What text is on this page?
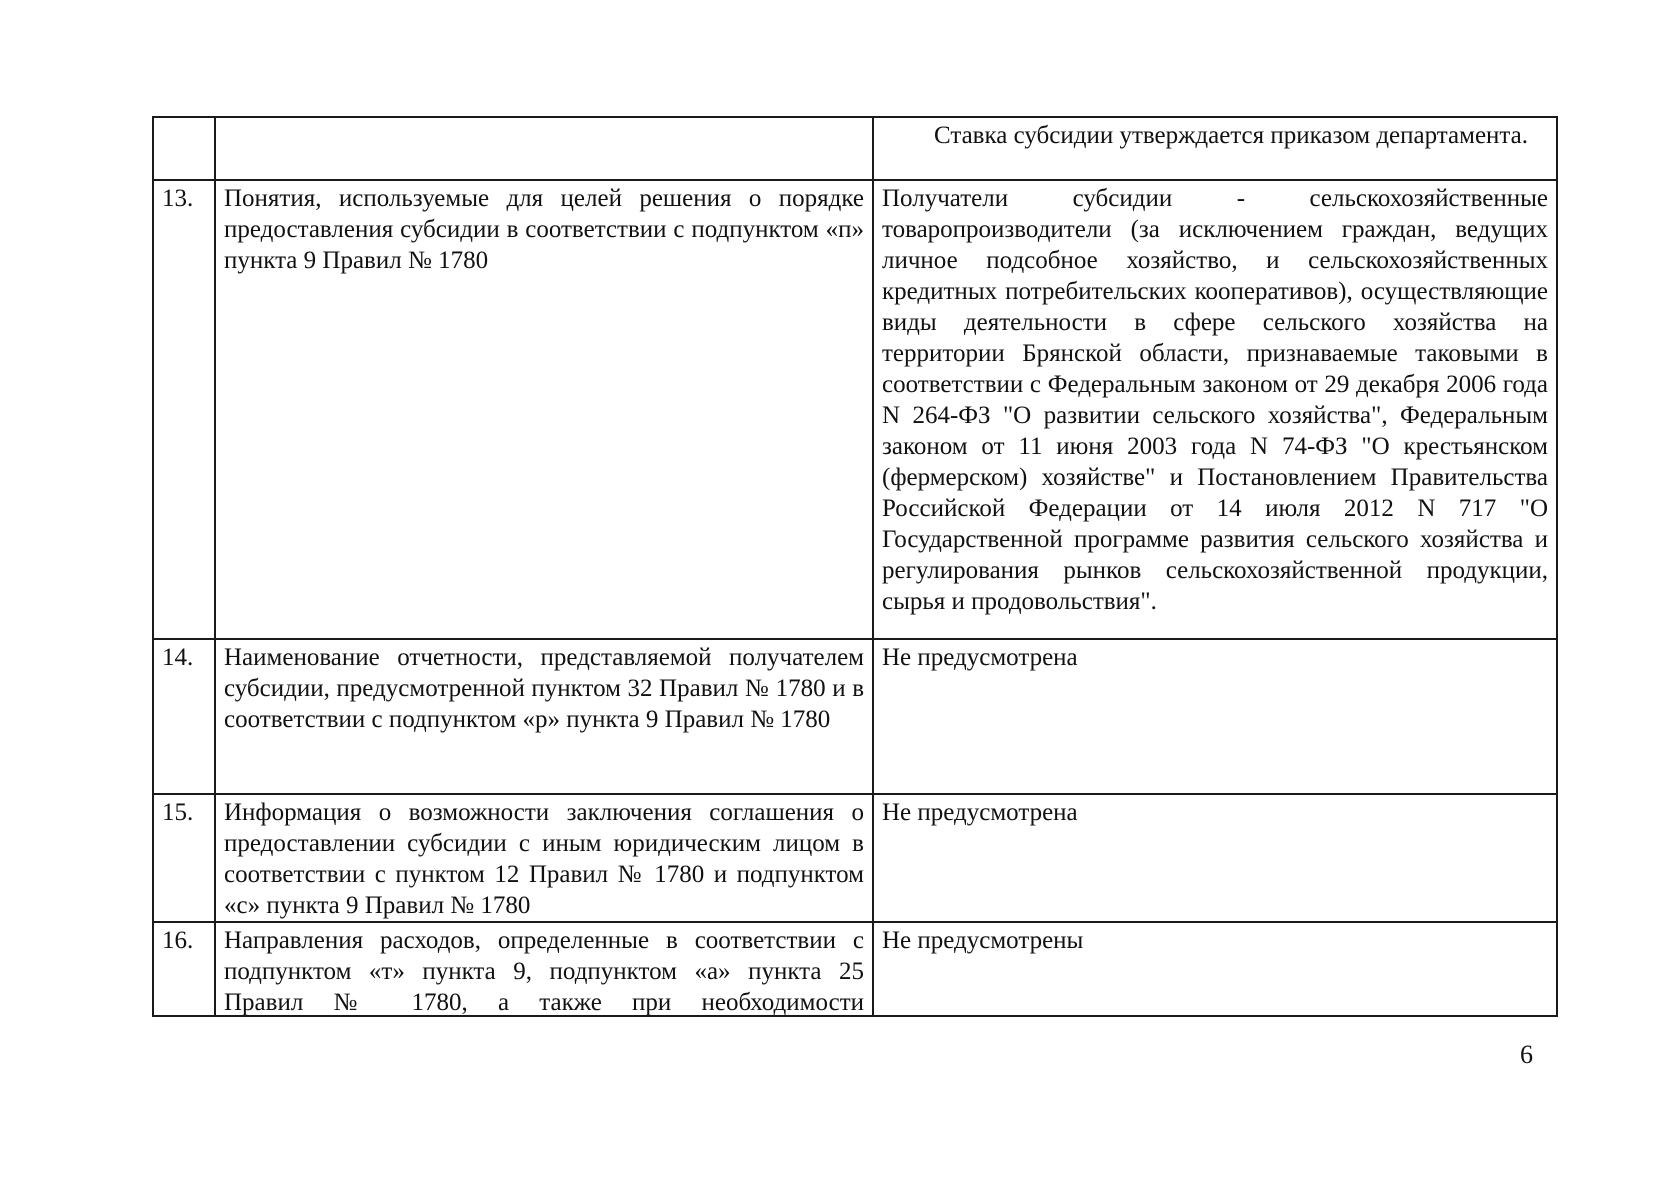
		Ставка субсидии утверждается приказом департамента.

13.	Понятия, используемые для целей решения о порядке предоставления субсидии в соответствии с подпунктом «п» пункта 9 Правил № 1780	Получатели субсидии - сельскохозяйственные товаропроизводители (за исключением граждан, ведущих личное подсобное хозяйство, и сельскохозяйственных кредитных потребительских кооперативов), осуществляющие виды деятельности в сфере сельского хозяйства на территории Брянской области, признаваемые таковыми в соответствии с Федеральным законом от 29 декабря 2006 года N 264-ФЗ "О развитии сельского хозяйства", Федеральным законом от 11 июня 2003 года N 74-ФЗ "О крестьянском (фермерском) хозяйстве" и Постановлением Правительства Российской Федерации от 14 июля 2012 N 717 "О Государственной программе развития сельского хозяйства и регулирования рынков сельскохозяйственной продукции, сырья и продовольствия".
14.	Наименование отчетности, представляемой получателем субсидии, предусмотренной пунктом 32 Правил № 1780 и в соответствии с подпунктом «р» пункта 9 Правил № 1780	Не предусмотрена
15.	Информация о возможности заключения соглашения о предоставлении субсидии с иным юридическим лицом в соответствии с пунктом 12 Правил № 1780 и подпунктом «с» пункта 9 Правил № 1780	Не предусмотрена
16.	Направления расходов, определенные в соответствии с подпунктом «т» пункта 9, подпунктом «а» пункта 25 Правил № 1780, а также при необходимости	Не предусмотрены
6
